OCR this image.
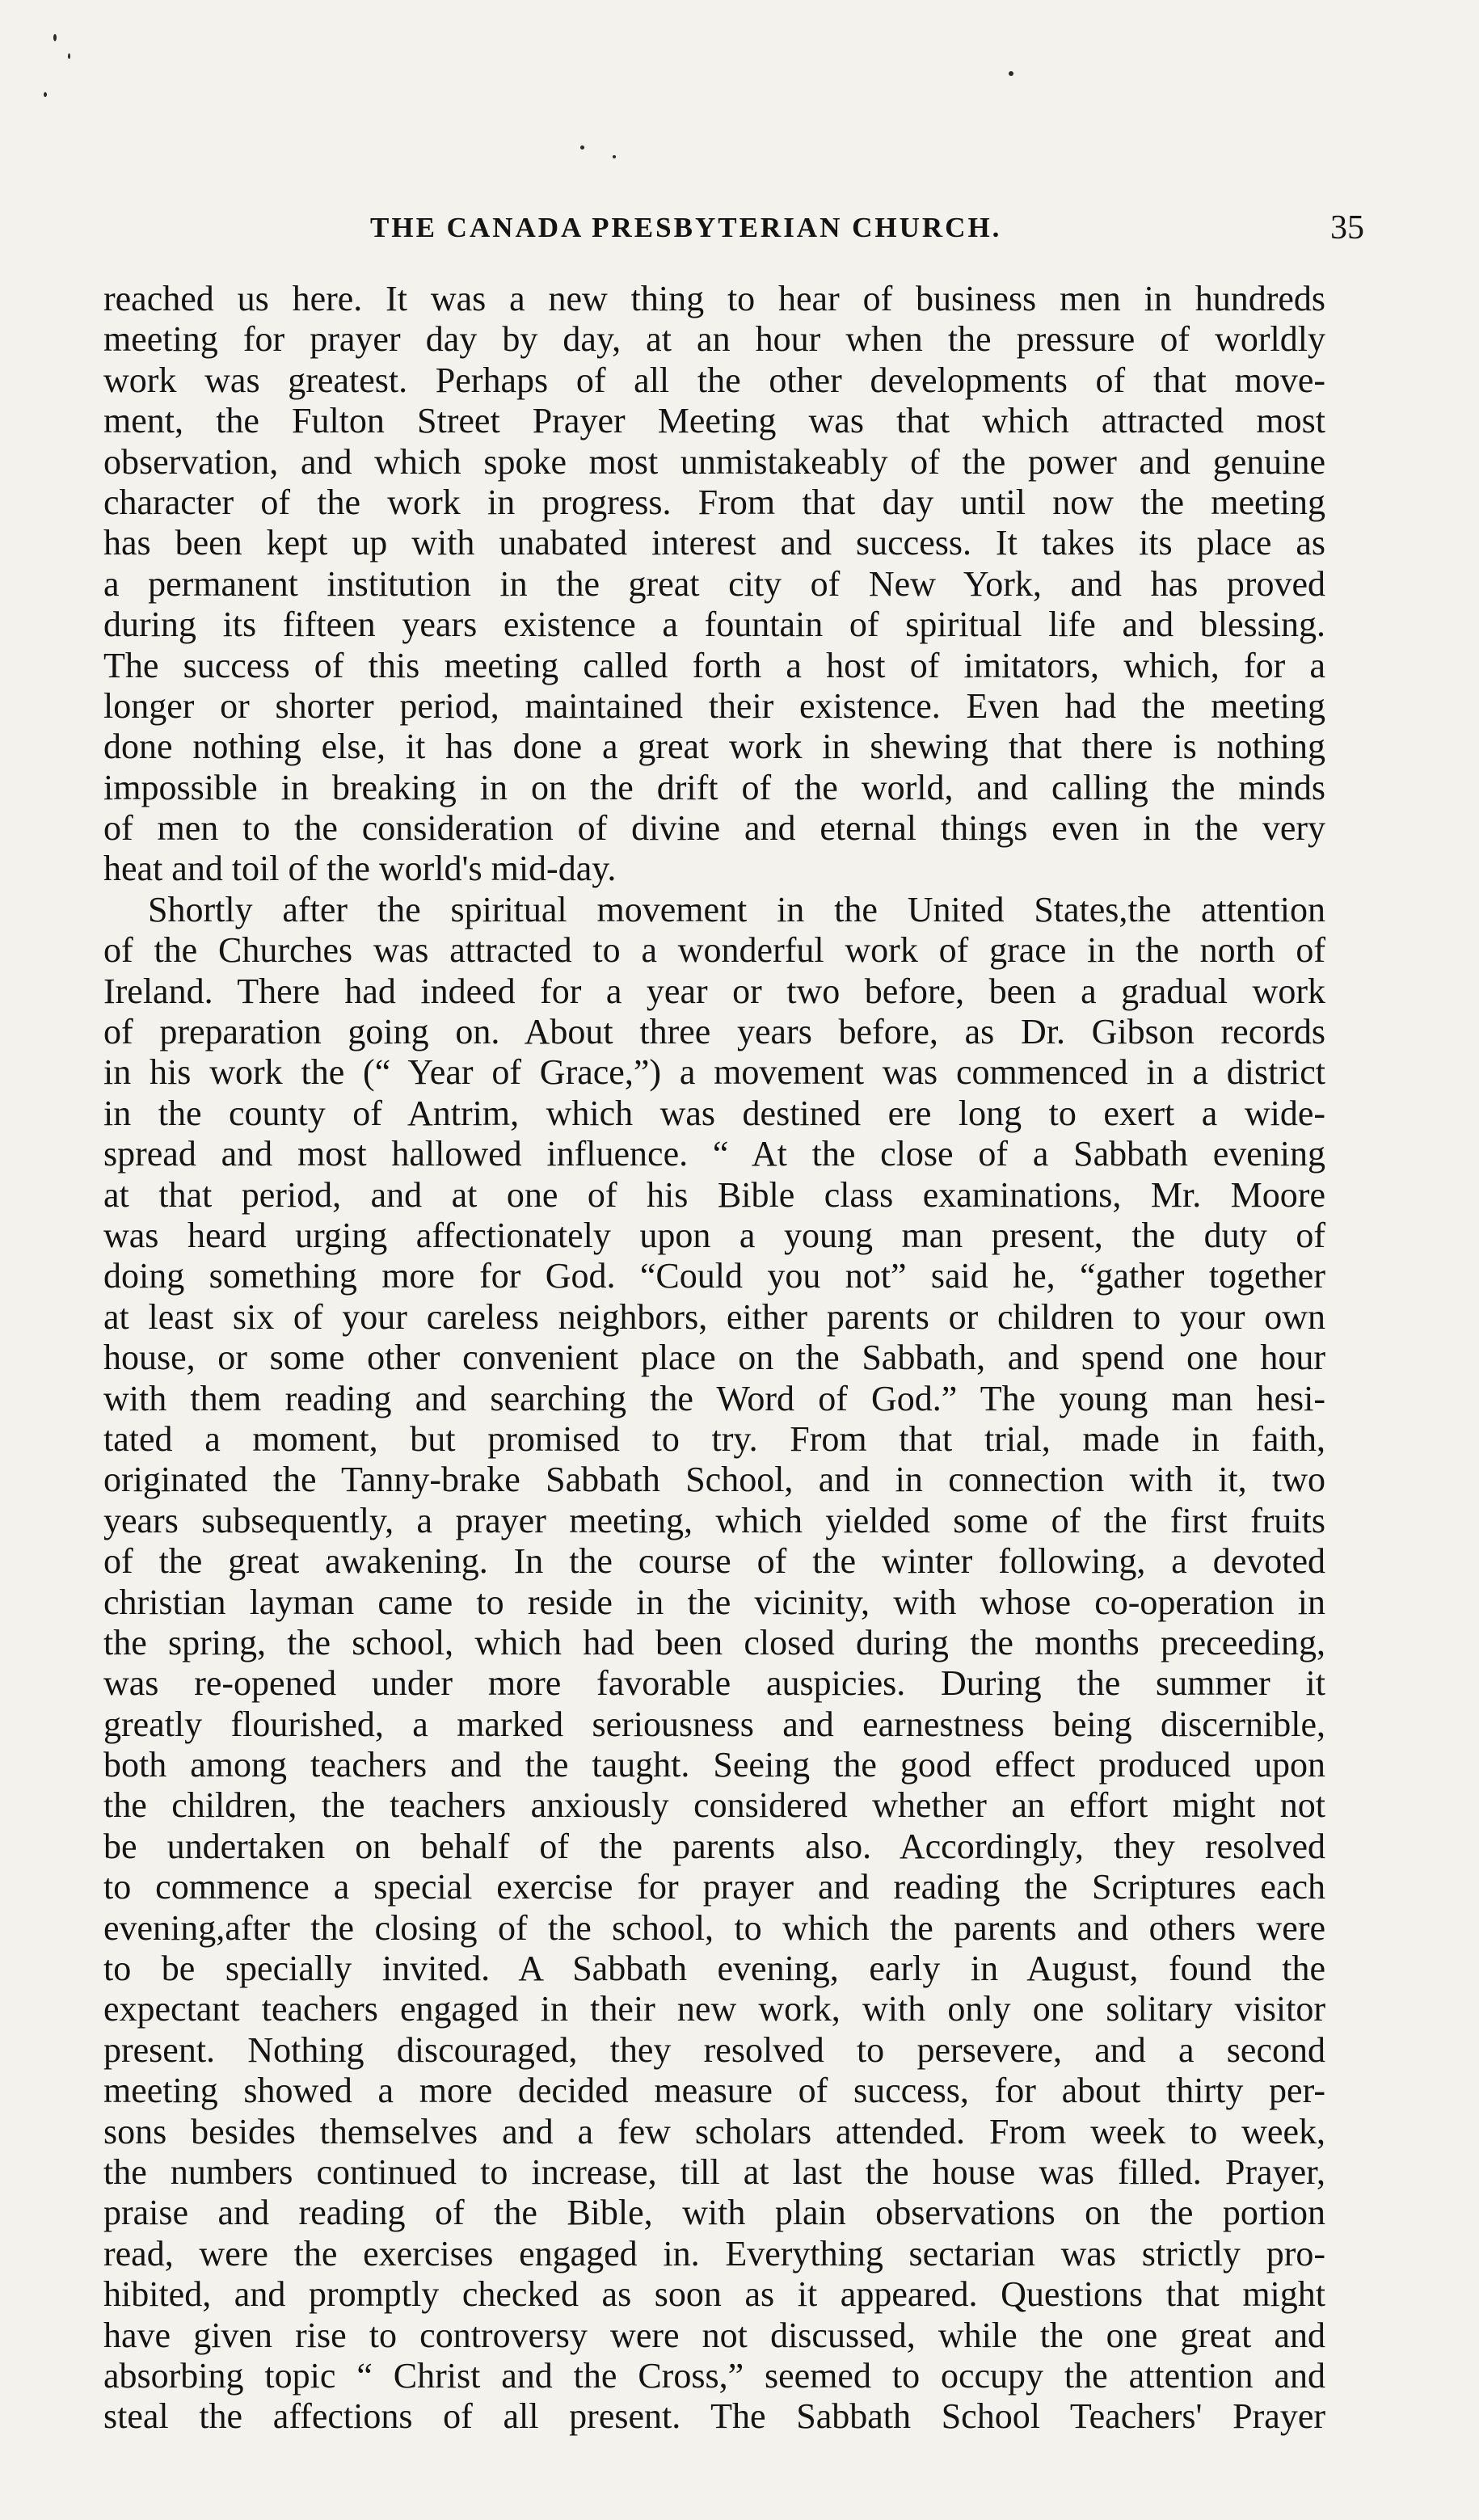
THE CANADA PRESBYTERIAN CHURCH.	35
reached us here. It was a new thing to hear of business men in hundreds
meeting for prayer day by day, at an hour when the pressure of worldly
work was greatest. Perhaps of all the other developments of that move-
ment, the Fulton Street Prayer Meeting was that which attracted most
observation, and which spoke most unmistakeably of the power and genuine
character of the work in progress. From that day until now the meeting
has been kept up with unabated interest and success. It takes its place as
a permanent institution in the great city of New York, and has proved
during its fifteen years existence a fountain of spiritual life and blessing.
The success of this meeting called forth a host of imitators, which, for a
longer or shorter period, maintained their existence. Even had the meeting
done nothing else, it has done a great work in shewing that there is nothing
impossible in breaking in on the drift of the world, and calling the minds
of men to the consideration of divine and eternal things even in the very
heat and toil of the world's mid-day.
Shortly after the spiritual movement in the United States,the attention
of the Churches was attracted to a wonderful work of grace in the north of
Ireland. There had indeed for a year or two before, been a gradual work
of preparation going on. About three years before, as Dr. Gibson records
in his work the (“ Year of Grace,”) a movement was commenced in a district
in the county of Antrim, which was destined ere long to exert a wide-
spread and most hallowed influence. “ At the close of a Sabbath evening
at that period, and at one of his Bible class examinations, Mr. Moore
was heard urging affectionately upon a young man present, the duty of
doing something more for God. “Could you not” said he, “gather together
at least six of your careless neighbors, either parents or children to your own
house, or some other convenient place on the Sabbath, and spend one hour
with them reading and searching the Word of God.” The young man hesi-
tated a moment, but promised to try. From that trial, made in faith,
originated the Tanny-brake Sabbath School, and in connection with it, two
years subsequently, a prayer meeting, which yielded some of the first fruits
of the great awakening. In the course of the winter following, a devoted
christian layman came to reside in the vicinity, with whose co-operation in
the spring, the school, which had been closed during the months preceeding,
was re-opened under more favorable auspicies. During the summer it
greatly flourished, a marked seriousness and earnestness being discernible,
both among teachers and the taught. Seeing the good effect produced upon
the children, the teachers anxiously considered whether an effort might not
be undertaken on behalf of the parents also. Accordingly, they resolved
to commence a special exercise for prayer and reading the Scriptures each
evening,after the closing of the school, to which the parents and others were
to be specially invited. A Sabbath evening, early in August, found the
expectant teachers engaged in their new work, with only one solitary visitor
present. Nothing discouraged, they resolved to persevere, and a second
meeting showed a more decided measure of success, for about thirty per-
sons besides themselves and a few scholars attended. From week to week,
the numbers continued to increase, till at last the house was filled. Prayer,
praise and reading of the Bible, with plain observations on the portion
read, were the exercises engaged in. Everything sectarian was strictly pro-
hibited, and promptly checked as soon as it appeared. Questions that might
have given rise to controversy were not discussed, while the one great and
absorbing topic “ Christ and the Cross,” seemed to occupy the attention and
steal the affections of all present. The Sabbath School Teachers' Prayer
